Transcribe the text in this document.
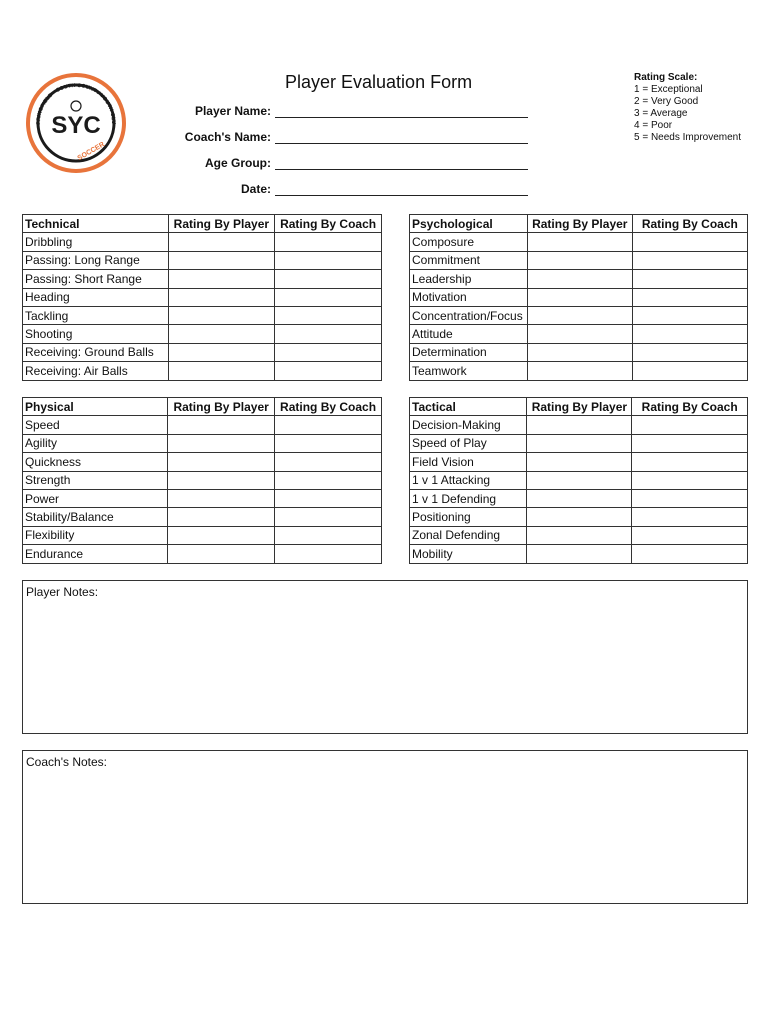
PRINGFIELD · SOUTH COUNTY YOUTH CLU
SYC
SOCCER
Player Evaluation Form
Player Name:
Coach's Name:
Age Group:
Date:
Rating Scale:
1 = Exceptional
2 = Very Good
3 = Average
4 = Poor
5 = Needs Improvement
Technical	Rating By Player	Rating By Coach
Dribbling		
Passing: Long Range		
Passing: Short Range		
Heading		
Tackling		
Shooting		
Receiving: Ground Balls		
Receiving: Air Balls		
Psychological	Rating By Player	Rating By Coach
Composure		
Commitment		
Leadership		
Motivation		
Concentration/Focus		
Attitude		
Determination		
Teamwork		
Physical	Rating By Player	Rating By Coach
Speed		
Agility		
Quickness		
Strength		
Power		
Stability/Balance		
Flexibility		
Endurance		
Tactical	Rating By Player	Rating By Coach
Decision-Making		
Speed of Play		
Field Vision		
1 v 1 Attacking		
1 v 1 Defending		
Positioning		
Zonal Defending		
Mobility		
Player Notes:
Coach's Notes:
